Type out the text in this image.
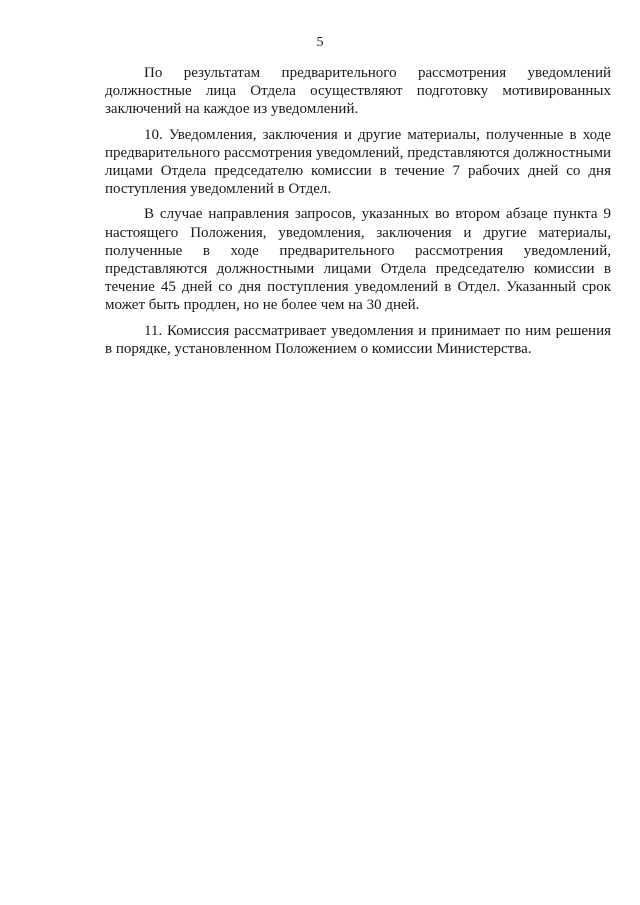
5

По результатам предварительного рассмотрения уведомлений должностные лица Отдела осуществляют подготовку мотивированных заключений на каждое из уведомлений.

10. Уведомления, заключения и другие материалы, полученные в ходе предварительного рассмотрения уведомлений, представляются должностными лицами Отдела председателю комиссии в течение 7 рабочих дней со дня поступления уведомлений в Отдел.

В случае направления запросов, указанных во втором абзаце пункта 9 настоящего Положения, уведомления, заключения и другие материалы, полученные в ходе предварительного рассмотрения уведомлений, представляются должностными лицами Отдела председателю комиссии в течение 45 дней со дня поступления уведомлений в Отдел. Указанный срок может быть продлен, но не более чем на 30 дней.

11. Комиссия рассматривает уведомления и принимает по ним решения в порядке, установленном Положением о комиссии Министерства.
